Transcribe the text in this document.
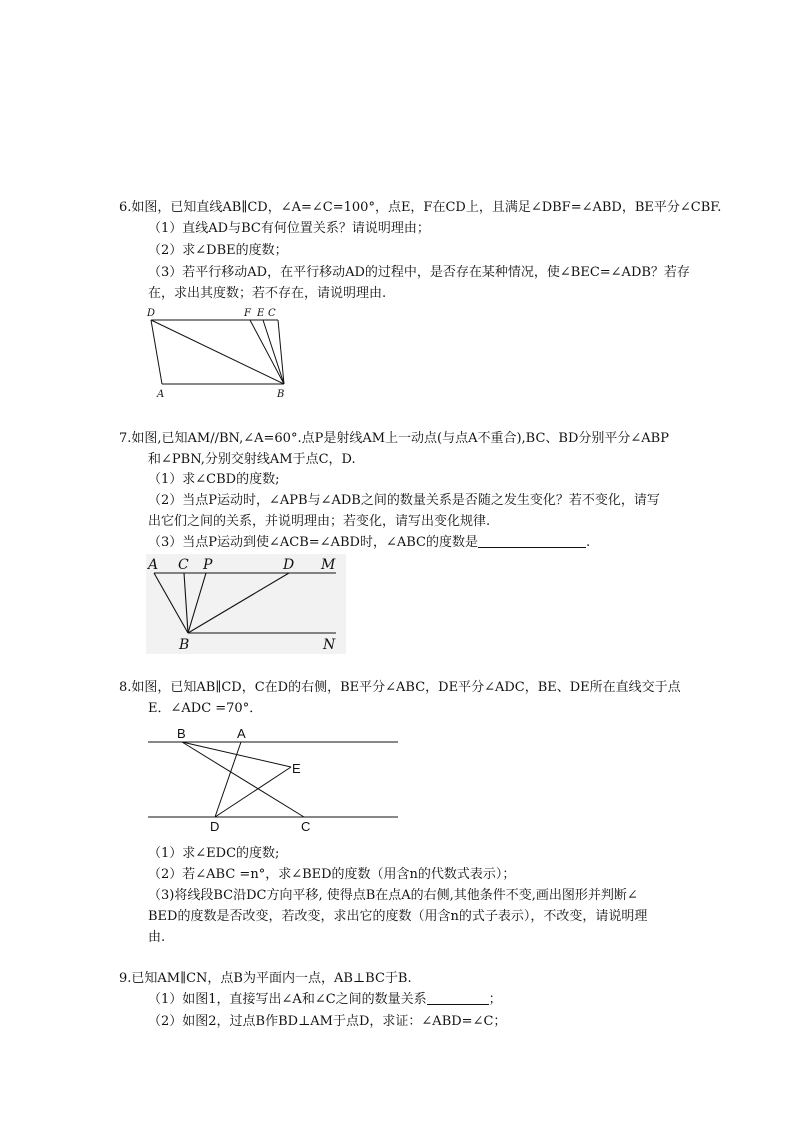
6.如图，已知直线AB∥CD，∠A=∠C=100°，点E，F在CD上，且满足∠DBF=∠ABD，BE平分∠CBF.
（1）直线AD与BC有何位置关系？请说明理由；
（2）求∠DBE的度数；
（3）若平行移动AD，在平行移动AD的过程中，是否存在某种情况，使∠BEC=∠ADB？若存
在，求出其度数；若不存在，请说明理由.
D	F E C
A	B
7.如图,已知AM//BN,∠A=60°.点P是射线AM上一动点(与点A不重合),BC、BD分别平分∠ABP
和∠PBN,分别交射线AM于点C，D.
（1）求∠CBD的度数;
（2）当点P运动时，∠APB与∠ADB之间的数量关系是否随之发生变化？若不变化，请写
出它们之间的关系，并说明理由；若变化，请写出变化规律.
（3）当点P运动到使∠ACB=∠ABD时，∠ABC的度数是	.
A C P	D M
B	N
8.如图，已知AB∥CD，C在D的右侧，BE平分∠ABC，DE平分∠ADC，BE、DE所在直线交于点
E．∠ADC =70°．
B	A
E
D	C
（1）求∠EDC的度数;
（2）若∠ABC =n°，求∠BED的度数（用含n的代数式表示）；
（3)将线段BC沿DC方向平移, 使得点B在点A的右侧,其他条件不变,画出图形并判断∠
BED的度数是否改变，若改变，求出它的度数（用含n的式子表示），不改变，请说明理
由.
9.已知AM∥CN，点B为平面内一点，AB⊥BC于B.
（1）如图1，直接写出∠A和∠C之间的数量关系	；
（2）如图2，过点B作BD⊥AM于点D，求证：∠ABD=∠C；
